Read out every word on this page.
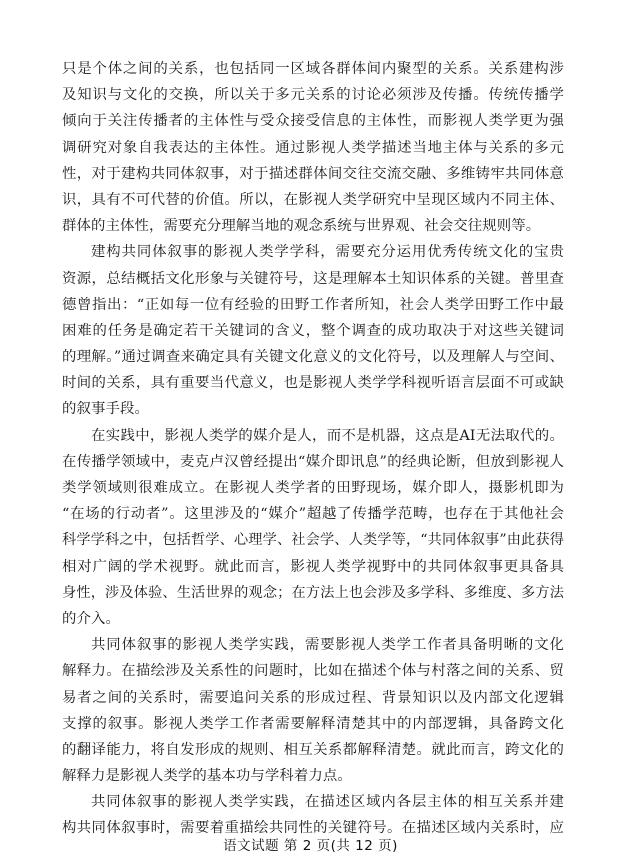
只是个体之间的关系，也包括同一区域各群体间内聚型的关系。关系建构涉

及知识与文化的交换，所以关于多元关系的讨论必须涉及传播。传统传播学

倾向于关注传播者的主体性与受众接受信息的主体性，而影视人类学更为强

调研究对象自我表达的主体性。通过影视人类学描述当地主体与关系的多元

性，对于建构共同体叙事，对于描述群体间交往交流交融、多维铸牢共同体意

识，具有不可代替的价值。所以，在影视人类学研究中呈现区域内不同主体、

群体的主体性，需要充分理解当地的观念系统与世界观、社会交往规则等。

建构共同体叙事的影视人类学学科，需要充分运用优秀传统文化的宝贵

资源，总结概括文化形象与关键符号，这是理解本土知识体系的关键。普里查

德曾指出：“正如每一位有经验的田野工作者所知，社会人类学田野工作中最

困难的任务是确定若干关键词的含义，整个调查的成功取决于对这些关键词

的理解。”通过调查来确定具有关键文化意义的文化符号，以及理解人与空间、

时间的关系，具有重要当代意义，也是影视人类学学科视听语言层面不可或缺

的叙事手段。

在实践中，影视人类学的媒介是人，而不是机器，这点是AI无法取代的。

在传播学领域中，麦克卢汉曾经提出“媒介即讯息”的经典论断，但放到影视人

类学领域则很难成立。在影视人类学者的田野现场，媒介即人，摄影机即为

“在场的行动者”。这里涉及的“媒介”超越了传播学范畴，也存在于其他社会

科学学科之中，包括哲学、心理学、社会学、人类学等，“共同体叙事”由此获得

相对广阔的学术视野。就此而言，影视人类学视野中的共同体叙事更具备具

身性，涉及体验、生活世界的观念；在方法上也会涉及多学科、多维度、多方法

的介入。

共同体叙事的影视人类学实践，需要影视人类学工作者具备明晰的文化

解释力。在描绘涉及关系性的问题时，比如在描述个体与村落之间的关系、贸

易者之间的关系时，需要追问关系的形成过程、背景知识以及内部文化逻辑

支撑的叙事。影视人类学工作者需要解释清楚其中的内部逻辑，具备跨文化

的翻译能力，将自发形成的规则、相互关系都解释清楚。就此而言，跨文化的

解释力是影视人类学的基本功与学科着力点。

共同体叙事的影视人类学实践，在描述区域内各层主体的相互关系并建

构共同体叙事时，需要着重描绘共同性的关键符号。在描述区域内关系时，应

语文试题 第 2 页(共 12 页)
